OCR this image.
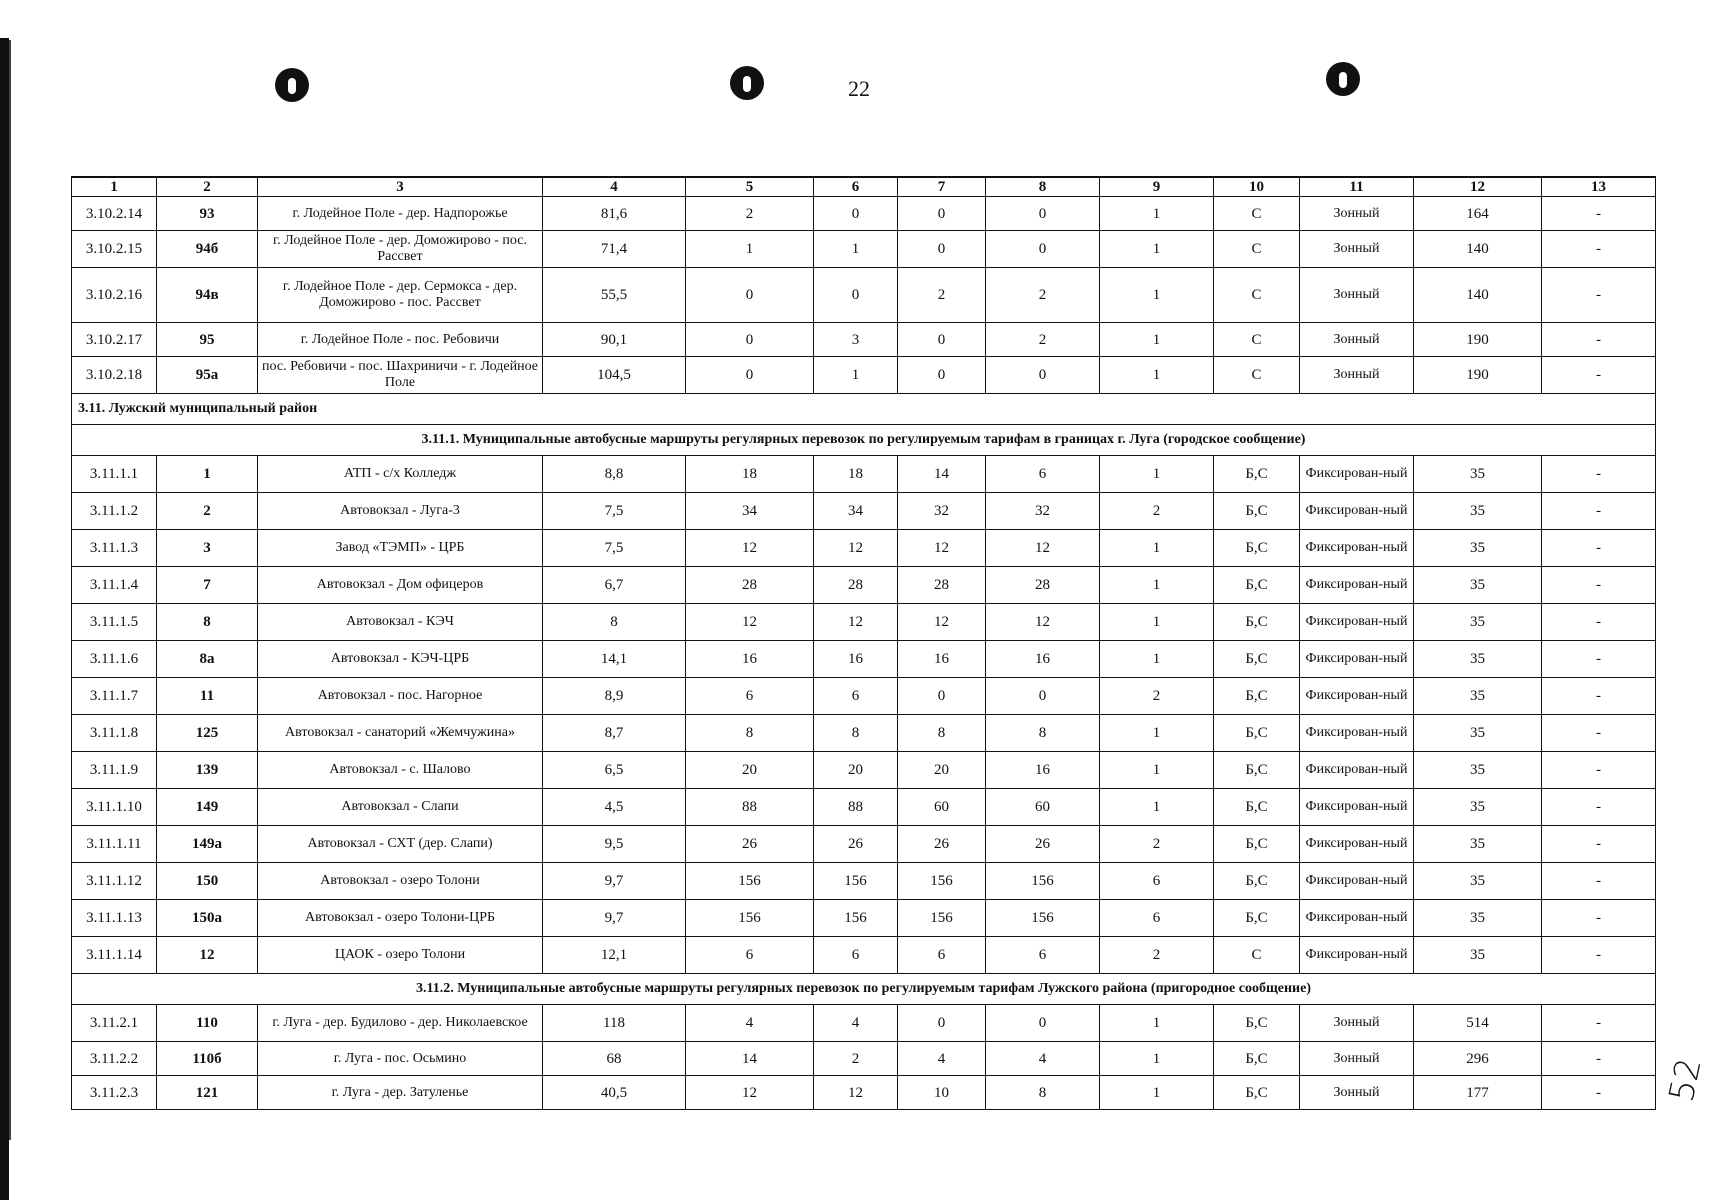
22
52
1	2	3	4	5	6	7	8	9	10	11	12	13
3.10.2.14	93	г. Лодейное Поле - дер. Надпорожье	81,6	2	0	0	0	1	С	Зонный	164	-
3.10.2.15	94б	г. Лодейное Поле - дер. Доможирово - пос. Рассвет	71,4	1	1	0	0	1	С	Зонный	140	-
3.10.2.16	94в	г. Лодейное Поле - дер. Сермокса - дер. Доможирово - пос. Рассвет	55,5	0	0	2	2	1	С	Зонный	140	-
3.10.2.17	95	г. Лодейное Поле - пос. Ребовичи	90,1	0	3	0	2	1	С	Зонный	190	-
3.10.2.18	95а	пос. Ребовичи - пос. Шахриничи - г. Лодейное Поле	104,5	0	1	0	0	1	С	Зонный	190	-
3.11. Лужский муниципальный район												
3.11.1. Муниципальные автобусные маршруты регулярных перевозок по регулируемым тарифам в границах г. Луга (городское сообщение)												
3.11.1.1	1	АТП - с/х Колледж	8,8	18	18	14	6	1	Б,С	Фиксирован-ный	35	-
3.11.1.2	2	Автовокзал - Луга-3	7,5	34	34	32	32	2	Б,С	Фиксирован-ный	35	-
3.11.1.3	3	Завод «ТЭМП» - ЦРБ	7,5	12	12	12	12	1	Б,С	Фиксирован-ный	35	-
3.11.1.4	7	Автовокзал - Дом офицеров	6,7	28	28	28	28	1	Б,С	Фиксирован-ный	35	-
3.11.1.5	8	Автовокзал - КЭЧ	8	12	12	12	12	1	Б,С	Фиксирован-ный	35	-
3.11.1.6	8а	Автовокзал - КЭЧ-ЦРБ	14,1	16	16	16	16	1	Б,С	Фиксирован-ный	35	-
3.11.1.7	11	Автовокзал - пос. Нагорное	8,9	6	6	0	0	2	Б,С	Фиксирован-ный	35	-
3.11.1.8	125	Автовокзал - санаторий «Жемчужина»	8,7	8	8	8	8	1	Б,С	Фиксирован-ный	35	-
3.11.1.9	139	Автовокзал - с. Шалово	6,5	20	20	20	16	1	Б,С	Фиксирован-ный	35	-
3.11.1.10	149	Автовокзал - Слапи	4,5	88	88	60	60	1	Б,С	Фиксирован-ный	35	-
3.11.1.11	149а	Автовокзал - СХТ (дер. Слапи)	9,5	26	26	26	26	2	Б,С	Фиксирован-ный	35	-
3.11.1.12	150	Автовокзал - озеро Толони	9,7	156	156	156	156	6	Б,С	Фиксирован-ный	35	-
3.11.1.13	150а	Автовокзал - озеро Толони-ЦРБ	9,7	156	156	156	156	6	Б,С	Фиксирован-ный	35	-
3.11.1.14	12	ЦАОК - озеро Толони	12,1	6	6	6	6	2	С	Фиксирован-ный	35	-
3.11.2. Муниципальные автобусные маршруты регулярных перевозок по регулируемым тарифам Лужского района (пригородное сообщение)												
3.11.2.1	110	г. Луга - дер. Будилово - дер. Николаевское	118	4	4	0	0	1	Б,С	Зонный	514	-
3.11.2.2	110б	г. Луга - пос. Осьмино	68	14	2	4	4	1	Б,С	Зонный	296	-
3.11.2.3	121	г. Луга - дер. Затуленье	40,5	12	12	10	8	1	Б,С	Зонный	177	-
